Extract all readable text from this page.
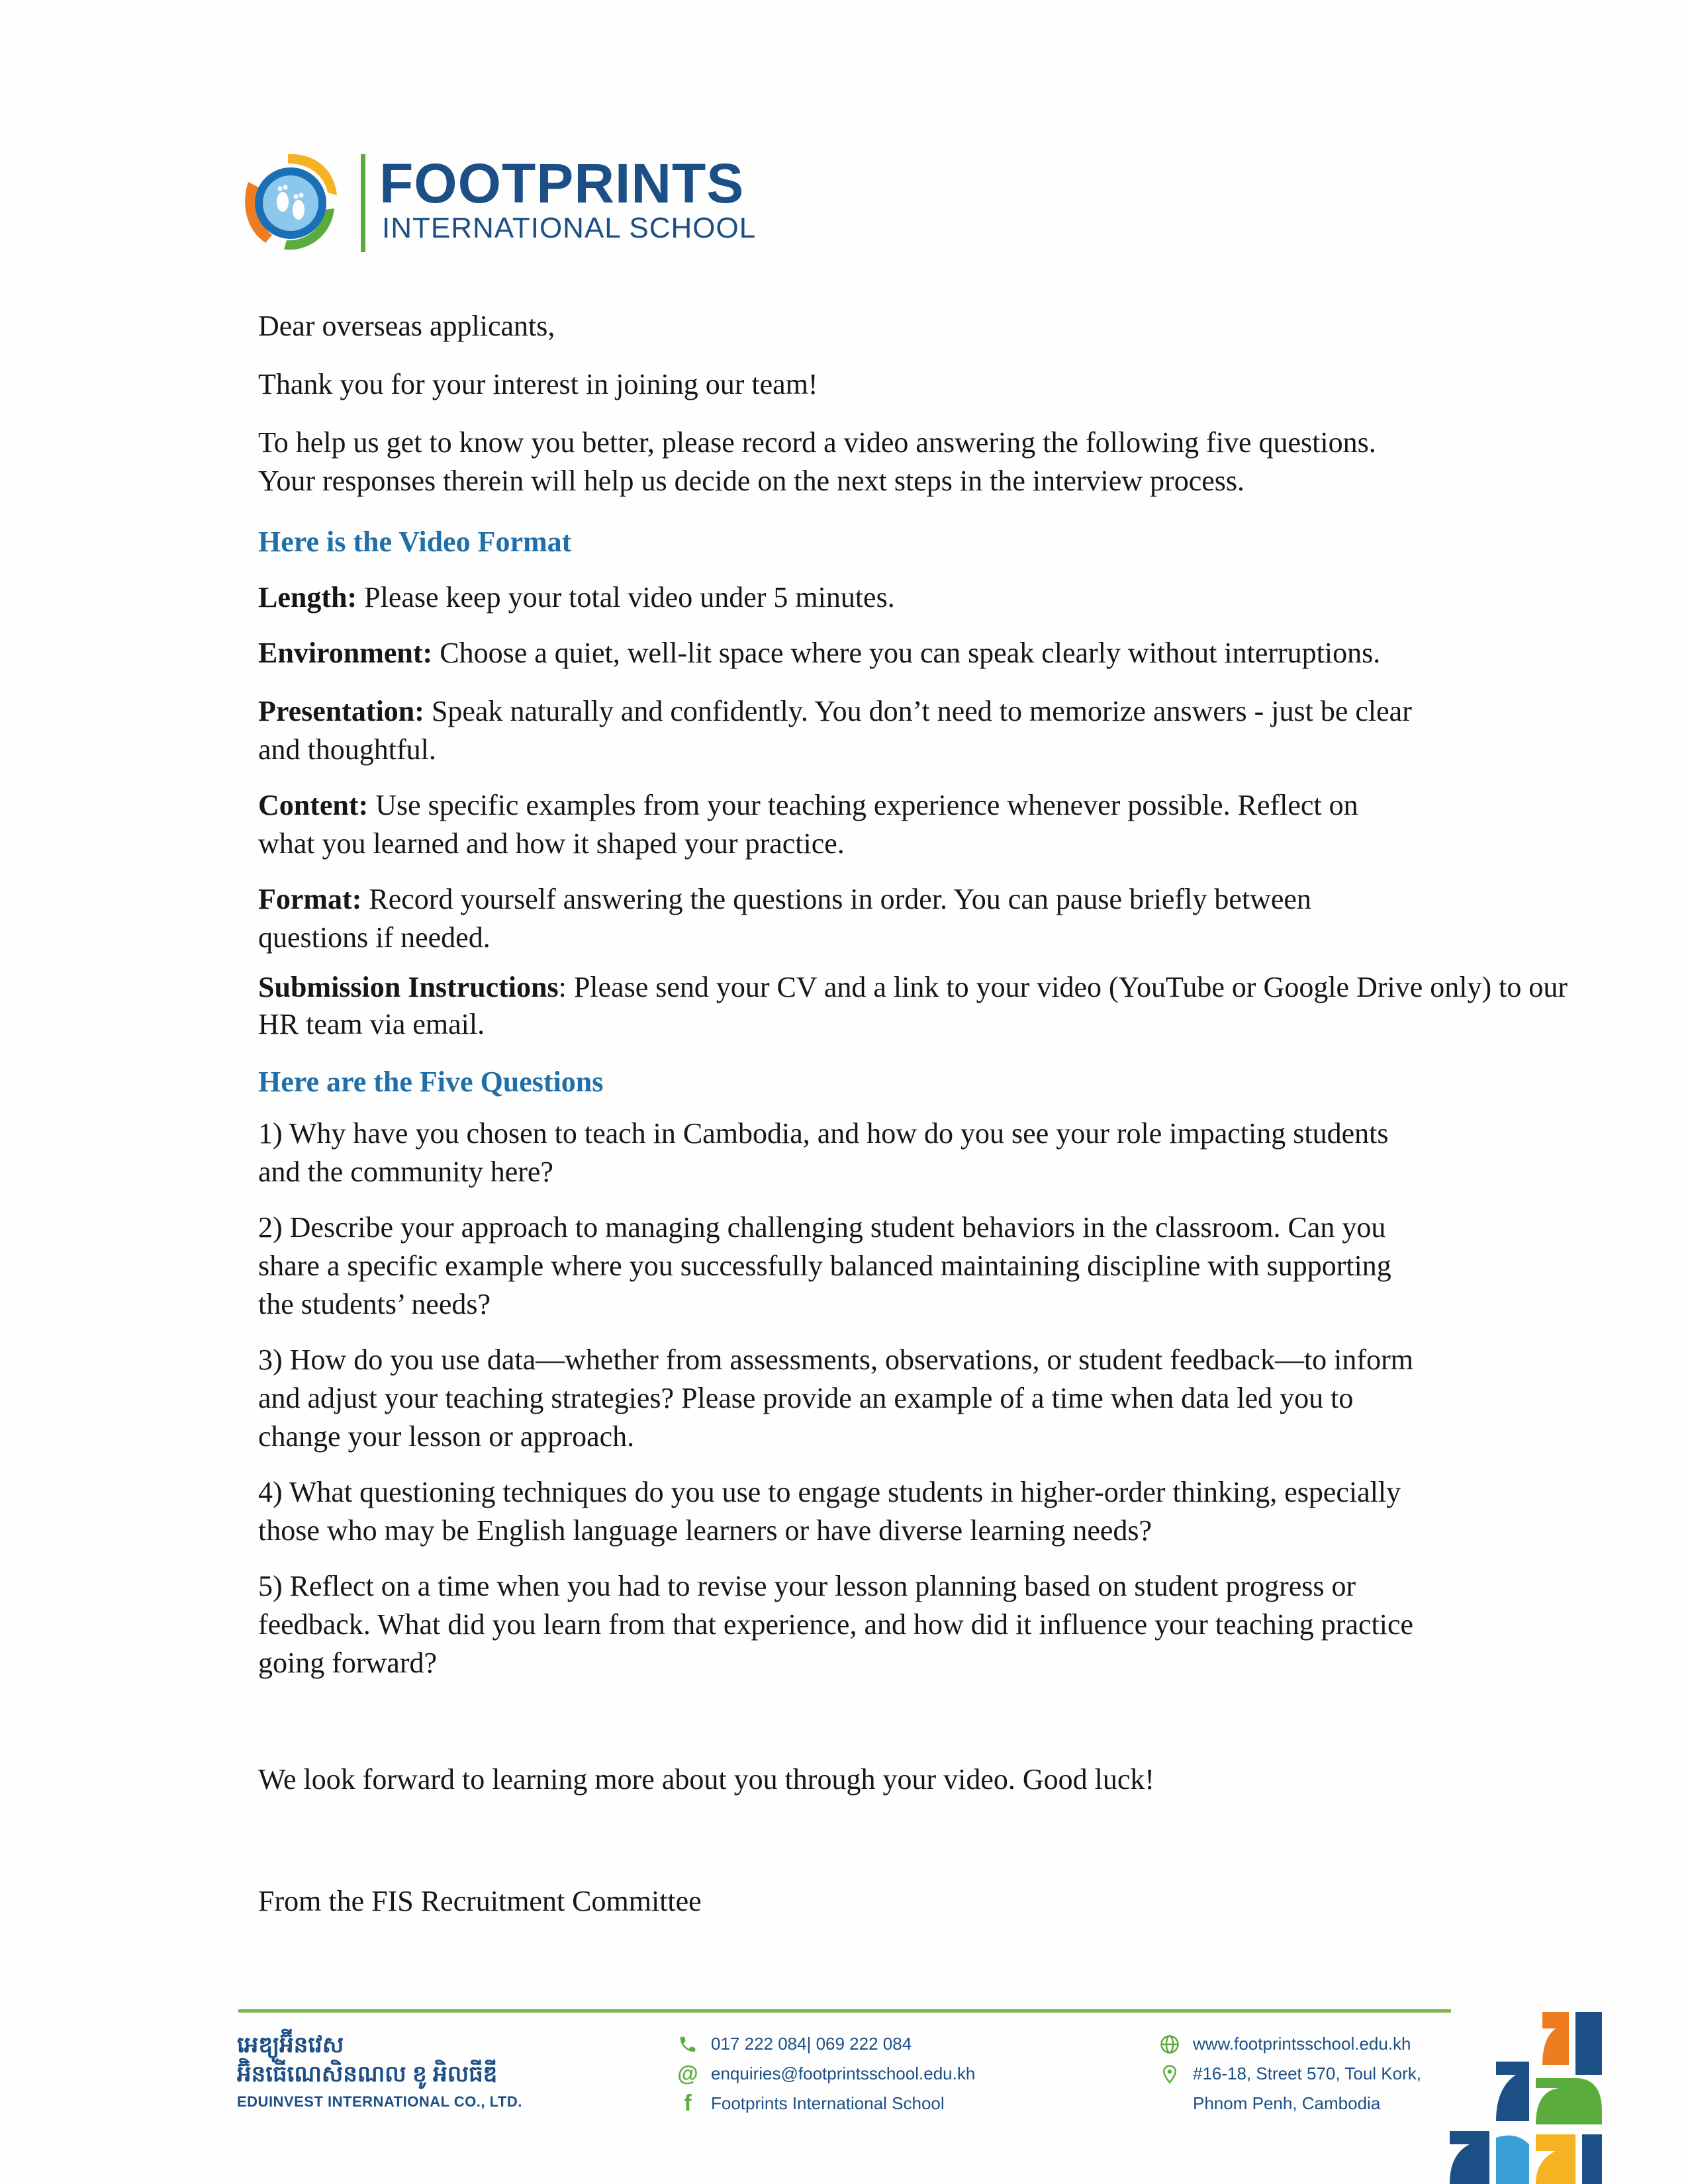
FOOTPRINTS
INTERNATIONAL SCHOOL

Dear overseas applicants,

Thank you for your interest in joining our team!

To help us get to know you better, please record a video answering the following five questions. Your responses therein will help us decide on the next steps in the interview process.

Here is the Video Format

Length: Please keep your total video under 5 minutes.

Environment: Choose a quiet, well-lit space where you can speak clearly without interruptions.

Presentation: Speak naturally and confidently. You don’t need to memorize answers - just be clear and thoughtful.

Content: Use specific examples from your teaching experience whenever possible. Reflect on what you learned and how it shaped your practice.

Format: Record yourself answering the questions in order. You can pause briefly between questions if needed.

Submission Instructions: Please send your CV and a link to your video (YouTube or Google Drive only) to our HR team via email.

Here are the Five Questions

1) Why have you chosen to teach in Cambodia, and how do you see your role impacting students and the community here?

2) Describe your approach to managing challenging student behaviors in the classroom. Can you share a specific example where you successfully balanced maintaining discipline with supporting the students’ needs?

3) How do you use data—whether from assessments, observations, or student feedback—to inform and adjust your teaching strategies? Please provide an example of a time when data led you to change your lesson or approach.

4) What questioning techniques do you use to engage students in higher-order thinking, especially those who may be English language learners or have diverse learning needs?

5) Reflect on a time when you had to revise your lesson planning based on student progress or feedback. What did you learn from that experience, and how did it influence your teaching practice going forward?

We look forward to learning more about you through your video. Good luck!

From the FIS Recruitment Committee

អេឌ្យូអ៊ីនវេស
អ៊ិនធើណេសិនណល ខូ អិលធីឌី
EDUINVEST INTERNATIONAL CO., LTD.
017 222 084| 069 222 084
@ enquiries@footprintsschool.edu.kh
f	Footprints International School
www.footprintsschool.edu.kh
#16-18, Street 570, Toul Kork,
Phnom Penh, Cambodia
